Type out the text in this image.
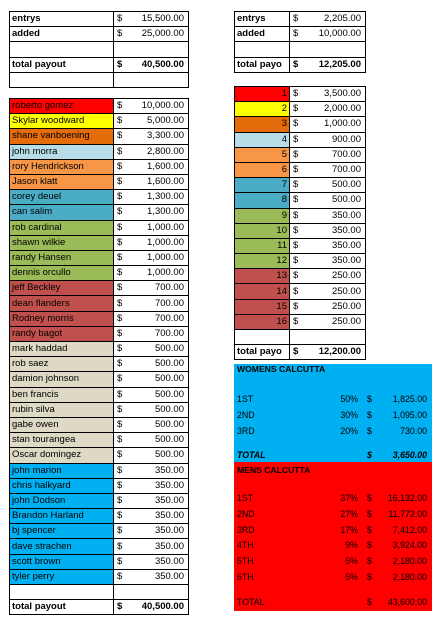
entrys	$ 15,500.00

added	$ 25,000.00

total payout	$ 40,500.00

entrys	$ 2,205.00

added	$ 10,000.00

total payo	$ 12,205.00
roberto gomez	$ 10,000.00

Skylar woodward	$ 5,000.00

shane vanboening	$ 3,300.00

john morra	$ 2,800.00

rory Hendrickson	$ 1,600.00

Jason klatt	$ 1,600.00

corey deuel	$ 1,300.00

can salim	$ 1,300.00

rob cardinal	$ 1,000.00

shawn wilkie	$ 1,000.00

randy Hansen	$ 1,000.00

dennis orcullo	$ 1,000.00

jeff Beckley	$ 700.00

dean flanders	$ 700.00

Rodney morris	$ 700.00

randy bagot	$ 700.00

mark haddad	$ 500.00

rob saez	$ 500.00

damion johnson	$ 500.00

ben francis	$ 500.00

rubin silva	$ 500.00

gabe owen	$ 500.00

stan tourangea	$ 500.00

Oscar domingez	$ 500.00

john marion	$ 350.00

chris halkyard	$ 350.00

john Dodson	$ 350.00

Brandon Harland	$ 350.00

bj spencer	$ 350.00

dave strachen	$ 350.00

scott brown	$ 350.00

tyler perry	$ 350.00

total payout	$ 40,500.00
1	$ 3,500.00

2	$ 2,000.00

3	$ 1,000.00

4	$ 900.00

5	$ 700.00

6	$ 700.00

7	$ 500.00

8	$ 500.00

9	$ 350.00

10	$ 350.00

11	$ 350.00

12	$ 350.00

13	$ 250.00

14	$ 250.00

15	$ 250.00

16	$ 250.00

total payo	$ 12,200.00
WOMENS CALCUTTA
1ST	50% $ 1,825.00
2ND	30% $ 1,095.00
3RD	20% $	730.00
TOTAL	$ 3,650.00
MENS CALCUTTA
1ST	37% $ 16,132.00
2ND	27% $ 11,772.00
3RD	17% $ 7,412.00
4TH	9% $ 3,924.00
5TH	5% $ 2,180.00
6TH	5% $ 2,180.00
TOTAL	$ 43,600.00
